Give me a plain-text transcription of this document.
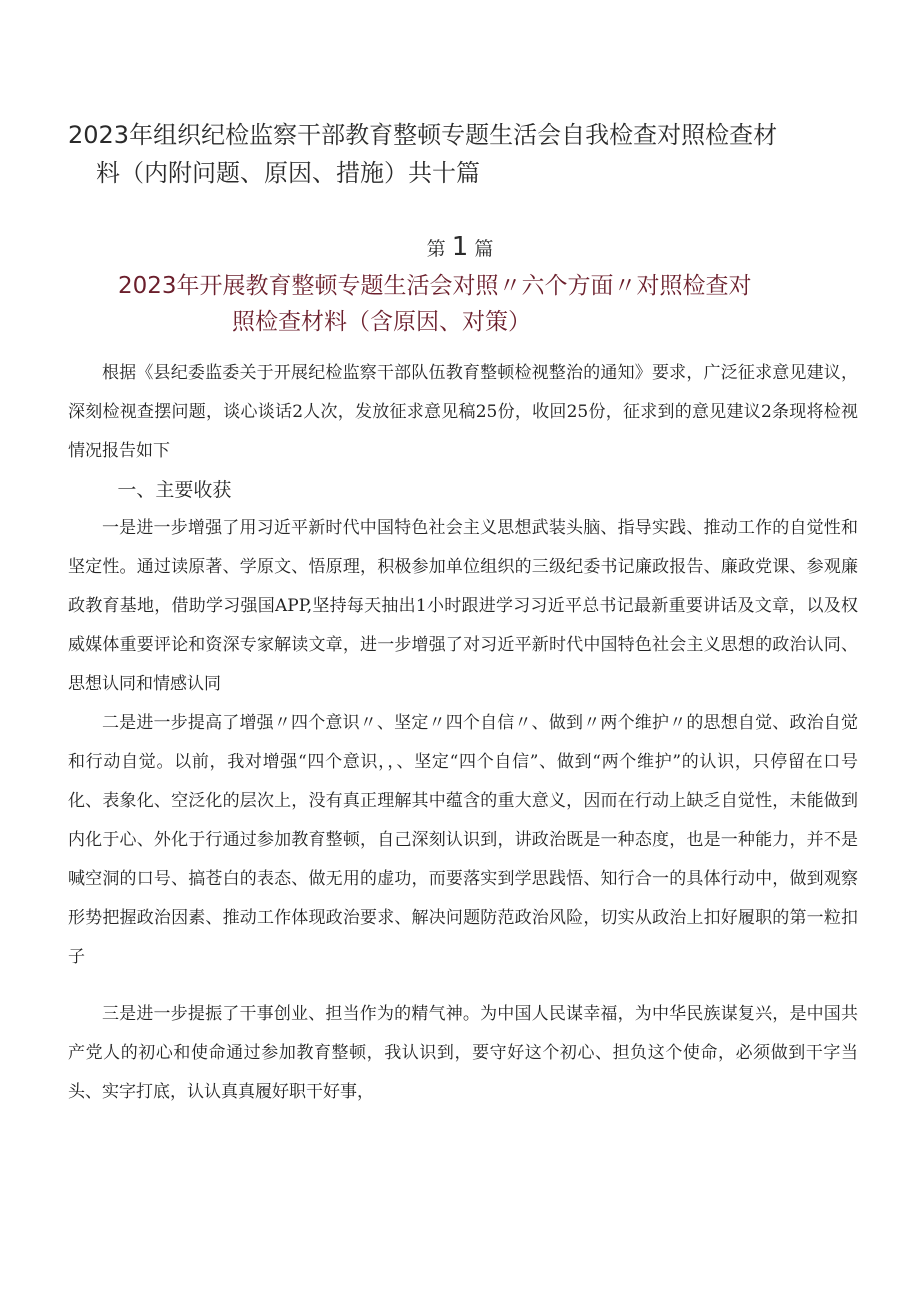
2023年组织纪检监察干部教育整顿专题生活会自我检查对照检查材
料（内附问题、原因、措施）共十篇
第 1 篇
2023年开展教育整顿专题生活会对照〃六个方面〃对照检查对
照检查材料（含原因、对策）

根据《县纪委监委关于开展纪检监察干部队伍教育整顿检视整治的通知》要求，广泛征求意见建议，深刻检视查摆问题，谈心谈话2人次，发放征求意见稿25份，收回25份，征求到的意见建议2条现将检视情况报告如下

一、主要收获

一是进一步增强了用习近平新时代中国特色社会主义思想武装头脑、指导实践、推动工作的自觉性和坚定性。通过读原著、学原文、悟原理，积极参加单位组织的三级纪委书记廉政报告、廉政党课、参观廉政教育基地，借助学习强国APP,坚持每天抽出1小时跟进学习习近平总书记最新重要讲话及文章，以及权威媒体重要评论和资深专家解读文章，进一步增强了对习近平新时代中国特色社会主义思想的政治认同、思想认同和情感认同

二是进一步提高了增强〃四个意识〃、坚定〃四个自信〃、做到〃两个维护〃的思想自觉、政治自觉和行动自觉。以前，我对增强“四个意识，，、坚定“四个自信”、做到“两个维护”的认识，只停留在口号化、表象化、空泛化的层次上，没有真正理解其中蕴含的重大意义，因而在行动上缺乏自觉性，未能做到内化于心、外化于行通过参加教育整顿，自己深刻认识到，讲政治既是一种态度，也是一种能力，并不是喊空洞的口号、搞苍白的表态、做无用的虚功，而要落实到学思践悟、知行合一的具体行动中，做到观察形势把握政治因素、推动工作体现政治要求、解决问题防范政治风险，切实从政治上扣好履职的第一粒扣子

三是进一步提振了干事创业、担当作为的精气神。为中国人民谋幸福，为中华民族谋复兴，是中国共产党人的初心和使命通过参加教育整顿，我认识到，要守好这个初心、担负这个使命，必须做到干字当头、实字打底，认认真真履好职干好事，
